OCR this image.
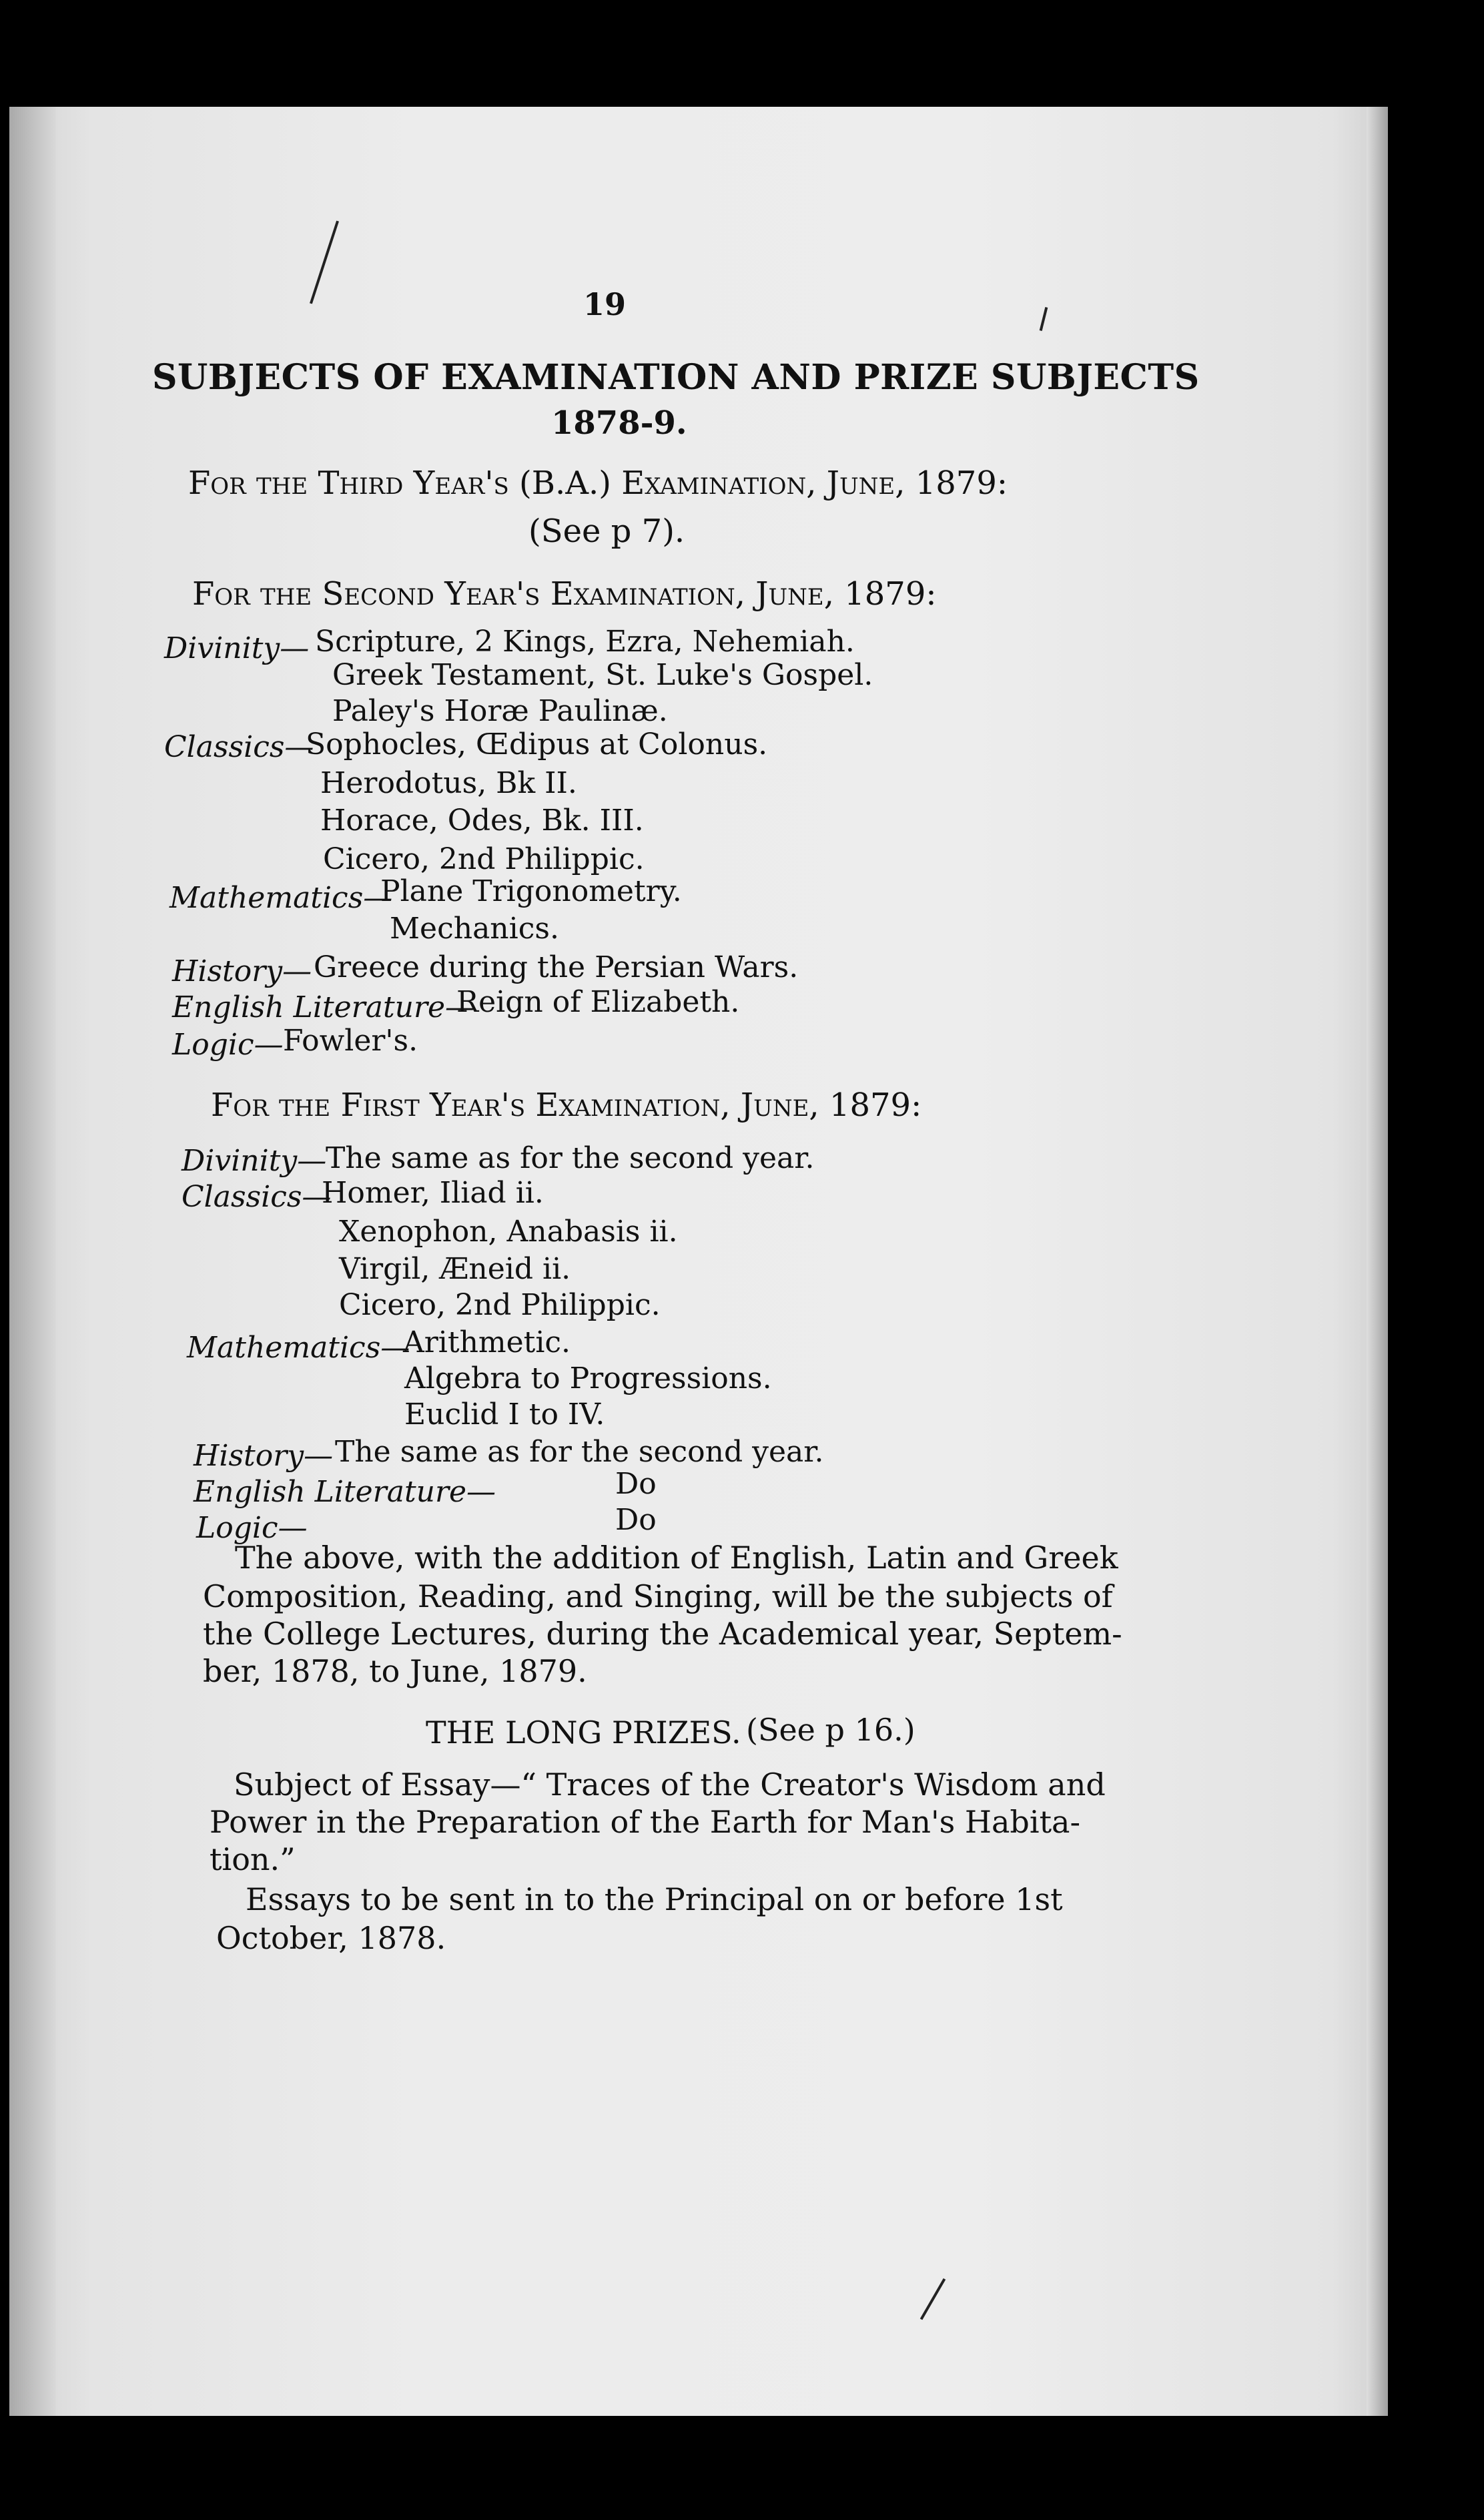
19
SUBJECTS OF EXAMINATION AND PRIZE SUBJECTS
1878-9.
For the Third Year's (B.A.) Examination, June, 1879:
(See p 7).
For the Second Year's Examination, June, 1879:
Divinity— Scripture, 2 Kings, Ezra, Nehemiah.
Greek Testament, St. Luke's Gospel.
Paley's Horæ Paulinæ.
Classics—
Sophocles, Œdipus at Colonus.
Herodotus, Bk II.
Horace, Odes, Bk. III.
Cicero, 2nd Philippic.
Mathematics—
Plane Trigonometry.
Mechanics.
History— Greece during the Persian Wars.
English Literature—
Reign of Elizabeth.
Logic— Fowler's.
For the First Year's Examination, June, 1879:
Divinity—
The same as for the second year.
Classics—
Homer, Iliad ii.
Xenophon, Anabasis ii.
Virgil, Æneid ii.
Cicero, 2nd Philippic.
Mathematics—
Arithmetic.
Algebra to Progressions.
Euclid I to IV.
History— The same as for the second year.
English Literature—	Do
Logic—	Do
The above, with the addition of English, Latin and Greek
Composition, Reading, and Singing, will be the subjects of
the College Lectures, during the Academical year, Septem-
ber, 1878, to June, 1879.
THE LONG PRIZES. (See p 16.)
Subject of Essay—“ Traces of the Creator's Wisdom and
Power in the Preparation of the Earth for Man's Habita-
tion.”
Essays to be sent in to the Principal on or before 1st
October, 1878.
